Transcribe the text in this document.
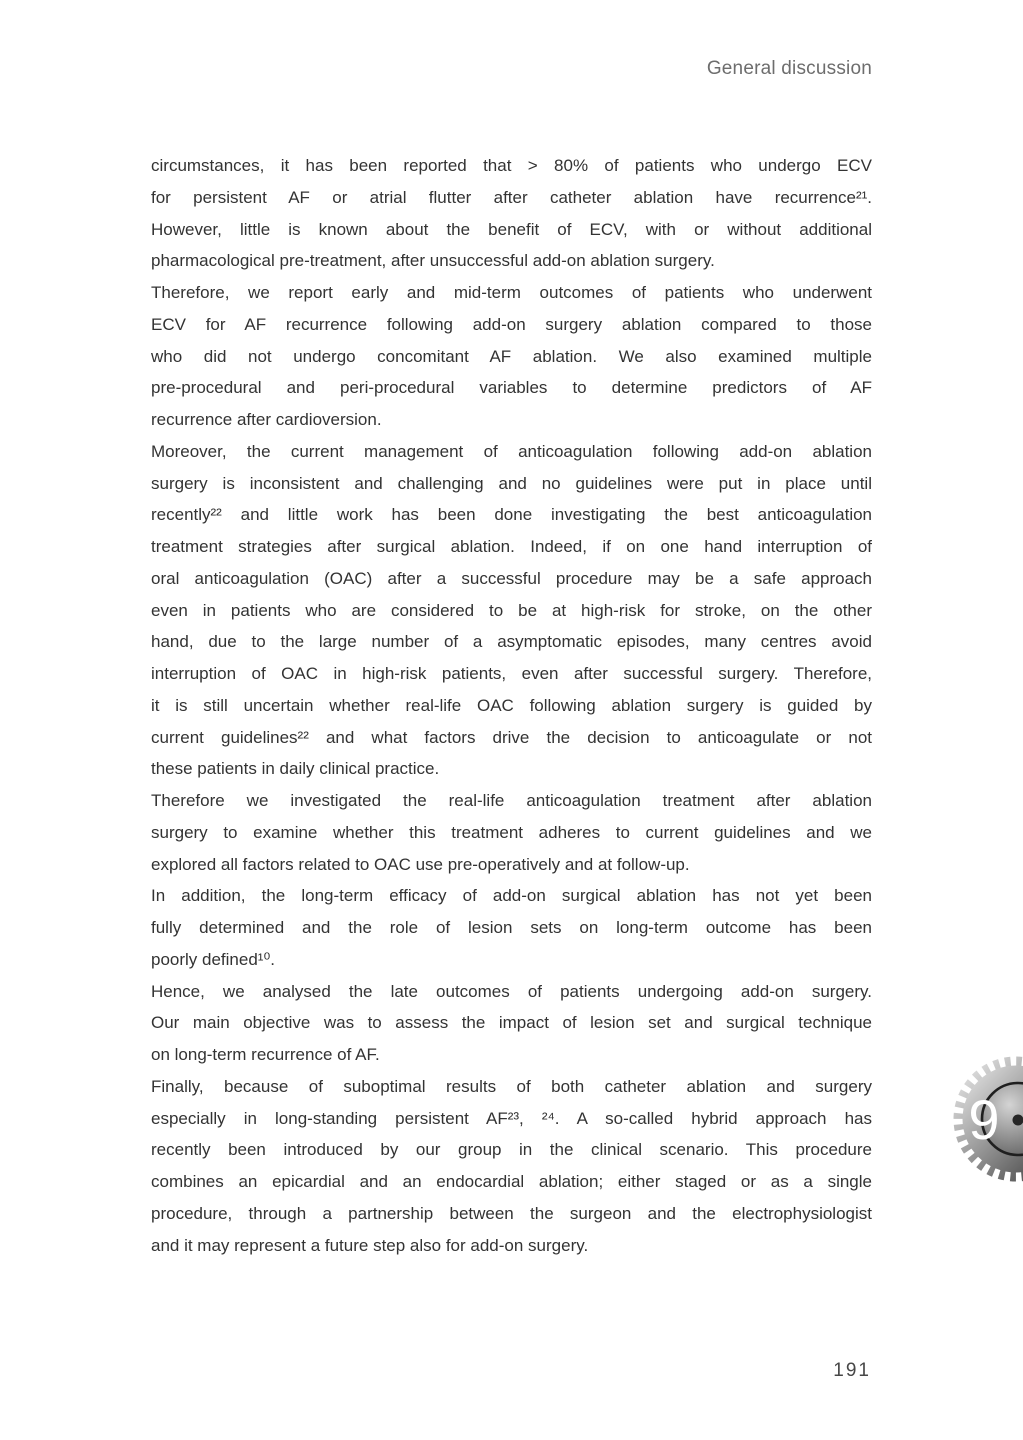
General discussion
circumstances, it has been reported that > 80% of patients who undergo ECV
for persistent AF or atrial flutter after catheter ablation have recurrence²¹.
However, little is known about the benefit of ECV, with or without additional
pharmacological pre-treatment, after unsuccessful add-on ablation surgery.
Therefore, we report early and mid-term outcomes of patients who underwent
ECV for AF recurrence following add-on surgery ablation compared to those
who did not undergo concomitant AF ablation. We also examined multiple
pre-procedural and peri-procedural variables to determine predictors of AF
recurrence after cardioversion.
Moreover, the current management of anticoagulation following add-on ablation
surgery is inconsistent and challenging and no guidelines were put in place until
recently²² and little work has been done investigating the best anticoagulation
treatment strategies after surgical ablation. Indeed, if on one hand interruption of
oral anticoagulation (OAC) after a successful procedure may be a safe approach
even in patients who are considered to be at high-risk for stroke, on the other
hand, due to the large number of a asymptomatic episodes, many centres avoid
interruption of OAC in high-risk patients, even after successful surgery. Therefore,
it is still uncertain whether real-life OAC following ablation surgery is guided by
current guidelines²² and what factors drive the decision to anticoagulate or not
these patients in daily clinical practice.
Therefore we investigated the real-life anticoagulation treatment after ablation
surgery to examine whether this treatment adheres to current guidelines and we
explored all factors related to OAC use pre-operatively and at follow-up.
In addition, the long-term efficacy of add-on surgical ablation has not yet been
fully determined and the role of lesion sets on long-term outcome has been
poorly defined¹⁰.
Hence, we analysed the late outcomes of patients undergoing add-on surgery.
Our main objective was to assess the impact of lesion set and surgical technique
on long-term recurrence of AF.
Finally, because of suboptimal results of both catheter ablation and surgery
especially in long-standing persistent AF²³, ²⁴. A so-called hybrid approach has
recently been introduced by our group in the clinical scenario. This procedure
combines an epicardial and an endocardial ablation; either staged or as a single
procedure, through a partnership between the surgeon and the electrophysiologist
and it may represent a future step also for add-on surgery.
9
191
